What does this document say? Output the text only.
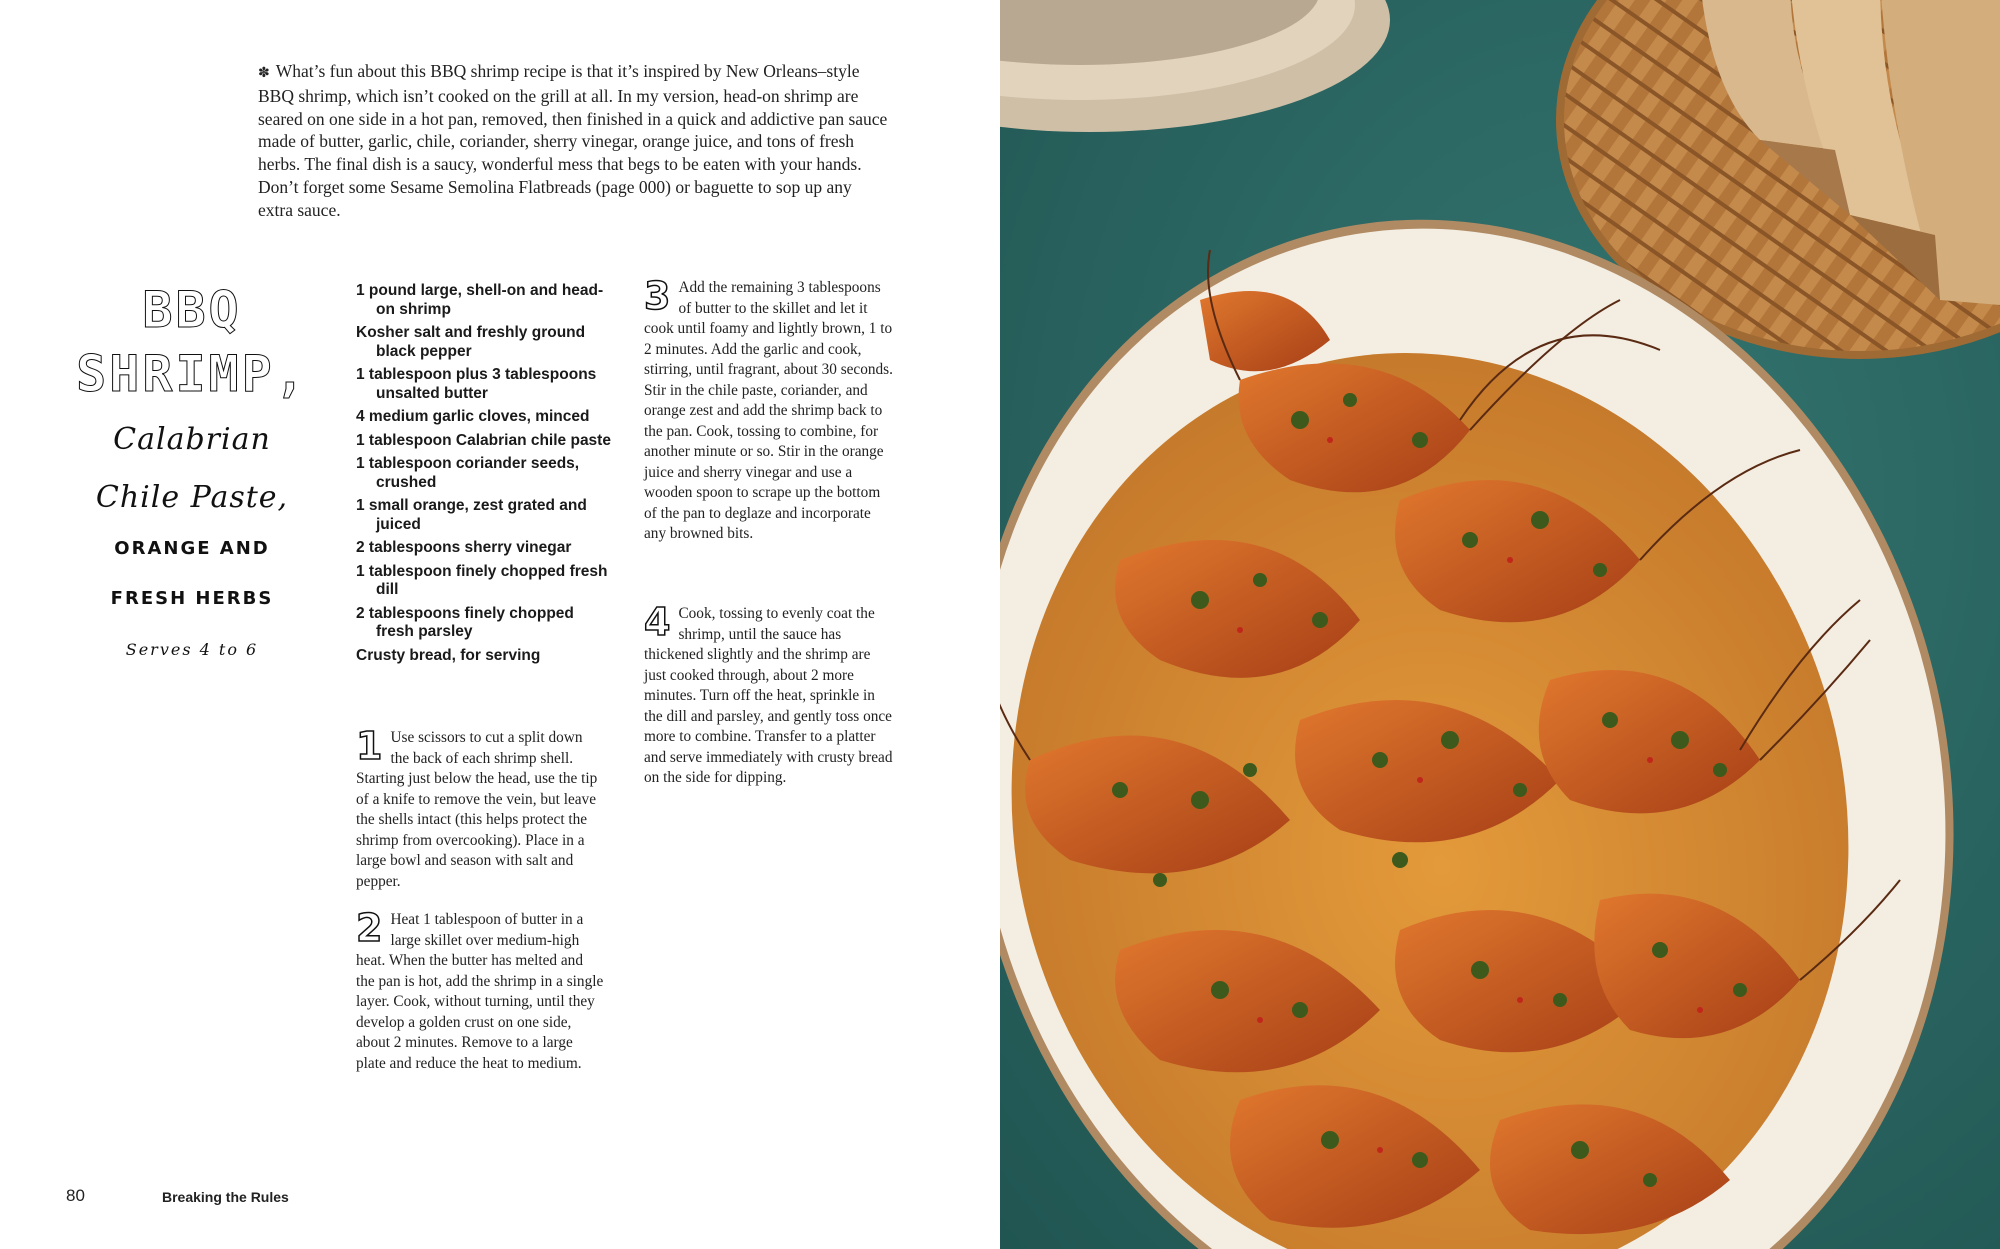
✽ What’s fun about this BBQ shrimp recipe is that it’s inspired by New Orleans–style BBQ shrimp, which isn’t cooked on the grill at all. In my version, head-on shrimp are seared on one side in a hot pan, removed, then finished in a quick and addictive pan sauce made of butter, garlic, chile, coriander, sherry vinegar, orange juice, and tons of fresh herbs. The final dish is a saucy, wonderful mess that begs to be eaten with your hands. Don’t forget some Sesame Semolina Flatbreads (page 000) or baguette to sop up any extra sauce.

BBQ
SHRIMP,
Calabrian
Chile Paste,
ORANGE AND
FRESH HERBS
Serves 4 to 6
1 pound large, shell-on and head-on shrimp
Kosher salt and freshly ground black pepper
1 tablespoon plus 3 tablespoons unsalted butter
4 medium garlic cloves, minced
1 tablespoon Calabrian chile paste
1 tablespoon coriander seeds, crushed
1 small orange, zest grated and juiced
2 tablespoons sherry vinegar
1 tablespoon finely chopped fresh dill
2 tablespoons finely chopped fresh parsley
Crusty bread, for serving
1 Use scissors to cut a split down the back of each shrimp shell. Starting just below the head, use the tip of a knife to remove the vein, but leave the shells intact (this helps protect the shrimp from overcooking). Place in a large bowl and season with salt and pepper.
2 Heat 1 tablespoon of butter in a large skillet over medium-high heat. When the butter has melted and the pan is hot, add the shrimp in a single layer. Cook, without turning, until they develop a golden crust on one side, about 2 minutes. Remove to a large plate and reduce the heat to medium.
3 Add the remaining 3 tablespoons of butter to the skillet and let it cook until foamy and lightly brown, 1 to 2 minutes. Add the garlic and cook, stirring, until fragrant, about 30 seconds. Stir in the chile paste, coriander, and orange zest and add the shrimp back to the pan. Cook, tossing to combine, for another minute or so. Stir in the orange juice and sherry vinegar and use a wooden spoon to scrape up the bottom of the pan to deglaze and incorporate any browned bits.
4 Cook, tossing to evenly coat the shrimp, until the sauce has thickened slightly and the shrimp are just cooked through, about 2 more minutes. Turn off the heat, sprinkle in the dill and parsley, and gently toss once more to combine. Transfer to a platter and serve immediately with crusty bread on the side for dipping.
80	Breaking the Rules
